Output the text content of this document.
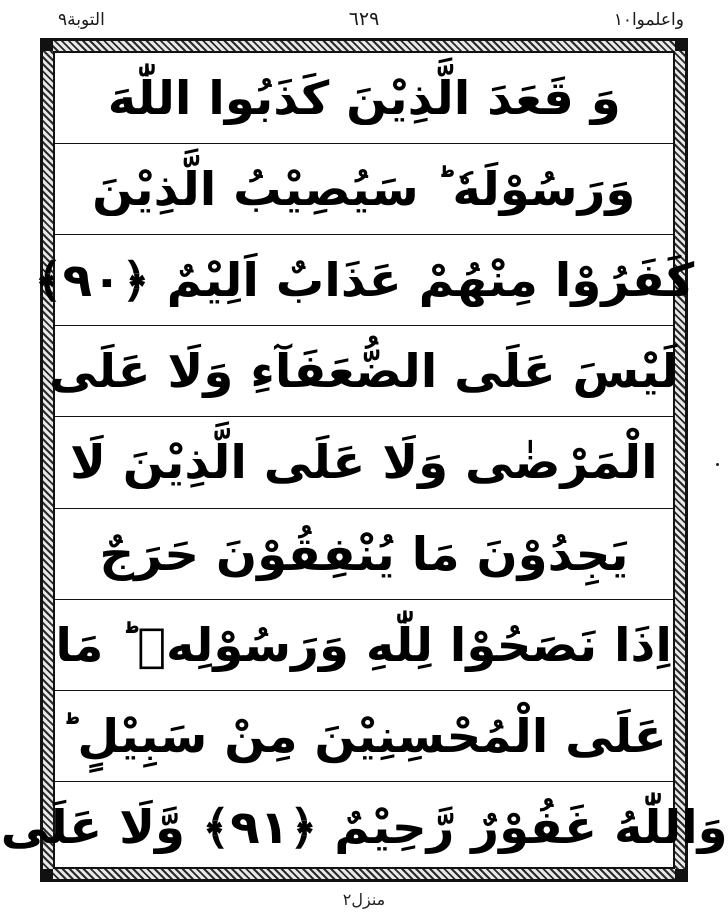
التوبة٩	٦٢٩	واعلموا١٠
وَ قَعَدَ الَّذِيْنَ كَذَبُوا اللّٰهَ
وَرَسُوْلَهٗ ؕ سَيُصِيْبُ الَّذِيْنَ
كَفَرُوْا مِنْهُمْ عَذَابٌ اَلِيْمٌ ﴿٩٠﴾
لَيْسَ عَلَى الضُّعَفَآءِ وَلَا عَلَى
الْمَرْضٰى وَلَا عَلَى الَّذِيْنَ لَا
يَجِدُوْنَ مَا يُنْفِقُوْنَ حَرَجٌ
اِذَا نَصَحُوْا لِلّٰهِ وَرَسُوْلِهٖ ؕ مَا
عَلَى الْمُحْسِنِيْنَ مِنْ سَبِيْلٍ ؕ
وَاللّٰهُ غَفُوْرٌ رَّحِيْمٌ ﴿٩١﴾ وَّلَا عَلَى
منزل٢
